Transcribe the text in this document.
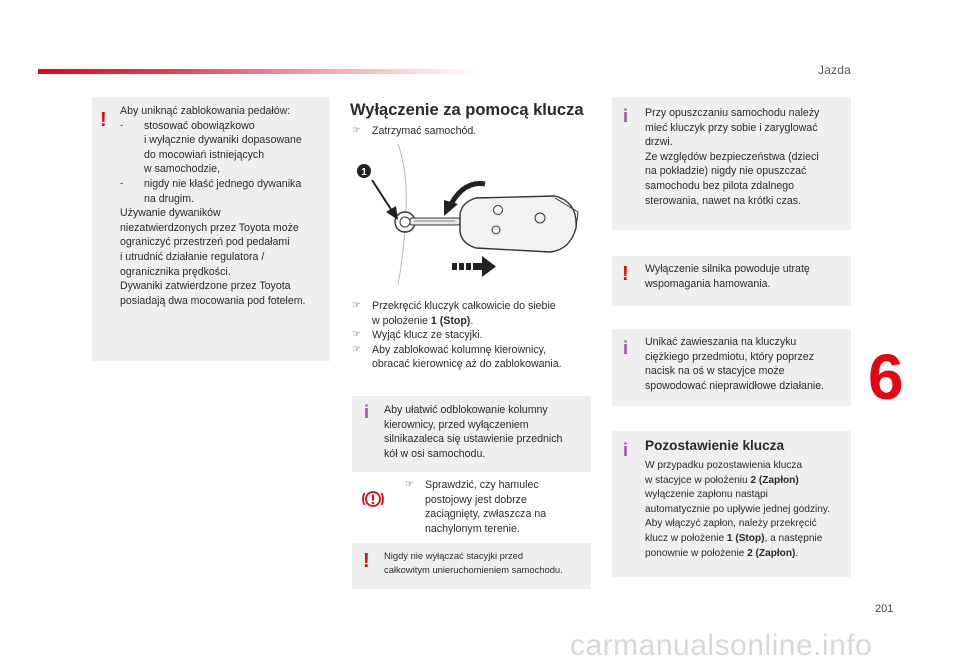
Jazda
! Aby uniknąć zablokowania pedałów:
- stosować obowiązkowo
i wyłącznie dywaniki dopasowane
do mocowiań istniejących
w samochodzie,
- nigdy nie kłaść jednego dywanika
na drugim.
Używanie dywaników
niezatwierdzonych przez Toyota może
ograniczyć przestrzeń pod pedałami
i utrudnić działanie regulatora /
ogranicznika prędkości.
Dywaniki zatwierdzone przez Toyota
posiadają dwa mocowania pod fotelem.
Wyłączenie za pomocą klucza
☞ Zatrzymać samochód.
1
☞ Przekręcić kluczyk całkowicie do siebie
w położenie 1 (Stop).
☞ Wyjąć klucz ze stacyjki.
☞ Aby zablokować kolumnę kierownicy,
obracać kierownicę aż do zablokowania.
i Aby ułatwić odblokowanie kolumny
kierownicy, przed wyłączeniem
silnikazaleca się ustawienie przednich
kół w osi samochodu.
☞ Sprawdzić, czy hamulec
postojowy jest dobrze
zaciągnięty, zwłaszcza na
nachylonym terenie.
! Nigdy nie wyłączać stacyjki przed
całkowitym unieruchomieniem samochodu.
i Przy opuszczaniu samochodu należy
mieć kluczyk przy sobie i zaryglować
drzwi.
Ze względów bezpieczeństwa (dzieci
na pokładzie) nigdy nie opuszczać
samochodu bez pilota zdalnego
sterowania, nawet na krótki czas.
! Wyłączenie silnika powoduje utratę
wspomagania hamowania.
i Unikać zawieszania na kluczyku
ciężkiego przedmiotu, który poprzez
nacisk na oś w stacyjce może
spowodować nieprawidłowe działanie.
i Pozostawienie klucza
W przypadku pozostawienia klucza
w stacyjce w położeniu 2 (Zapłon)
wyłączenie zapłonu nastąpi
automatycznie po upływie jednej godziny.
Aby włączyć zapłon, należy przekręcić
klucz w położenie 1 (Stop), a następnie
ponownie w położenie 2 (Zapłon).
6
201
carmanualsonline.info
